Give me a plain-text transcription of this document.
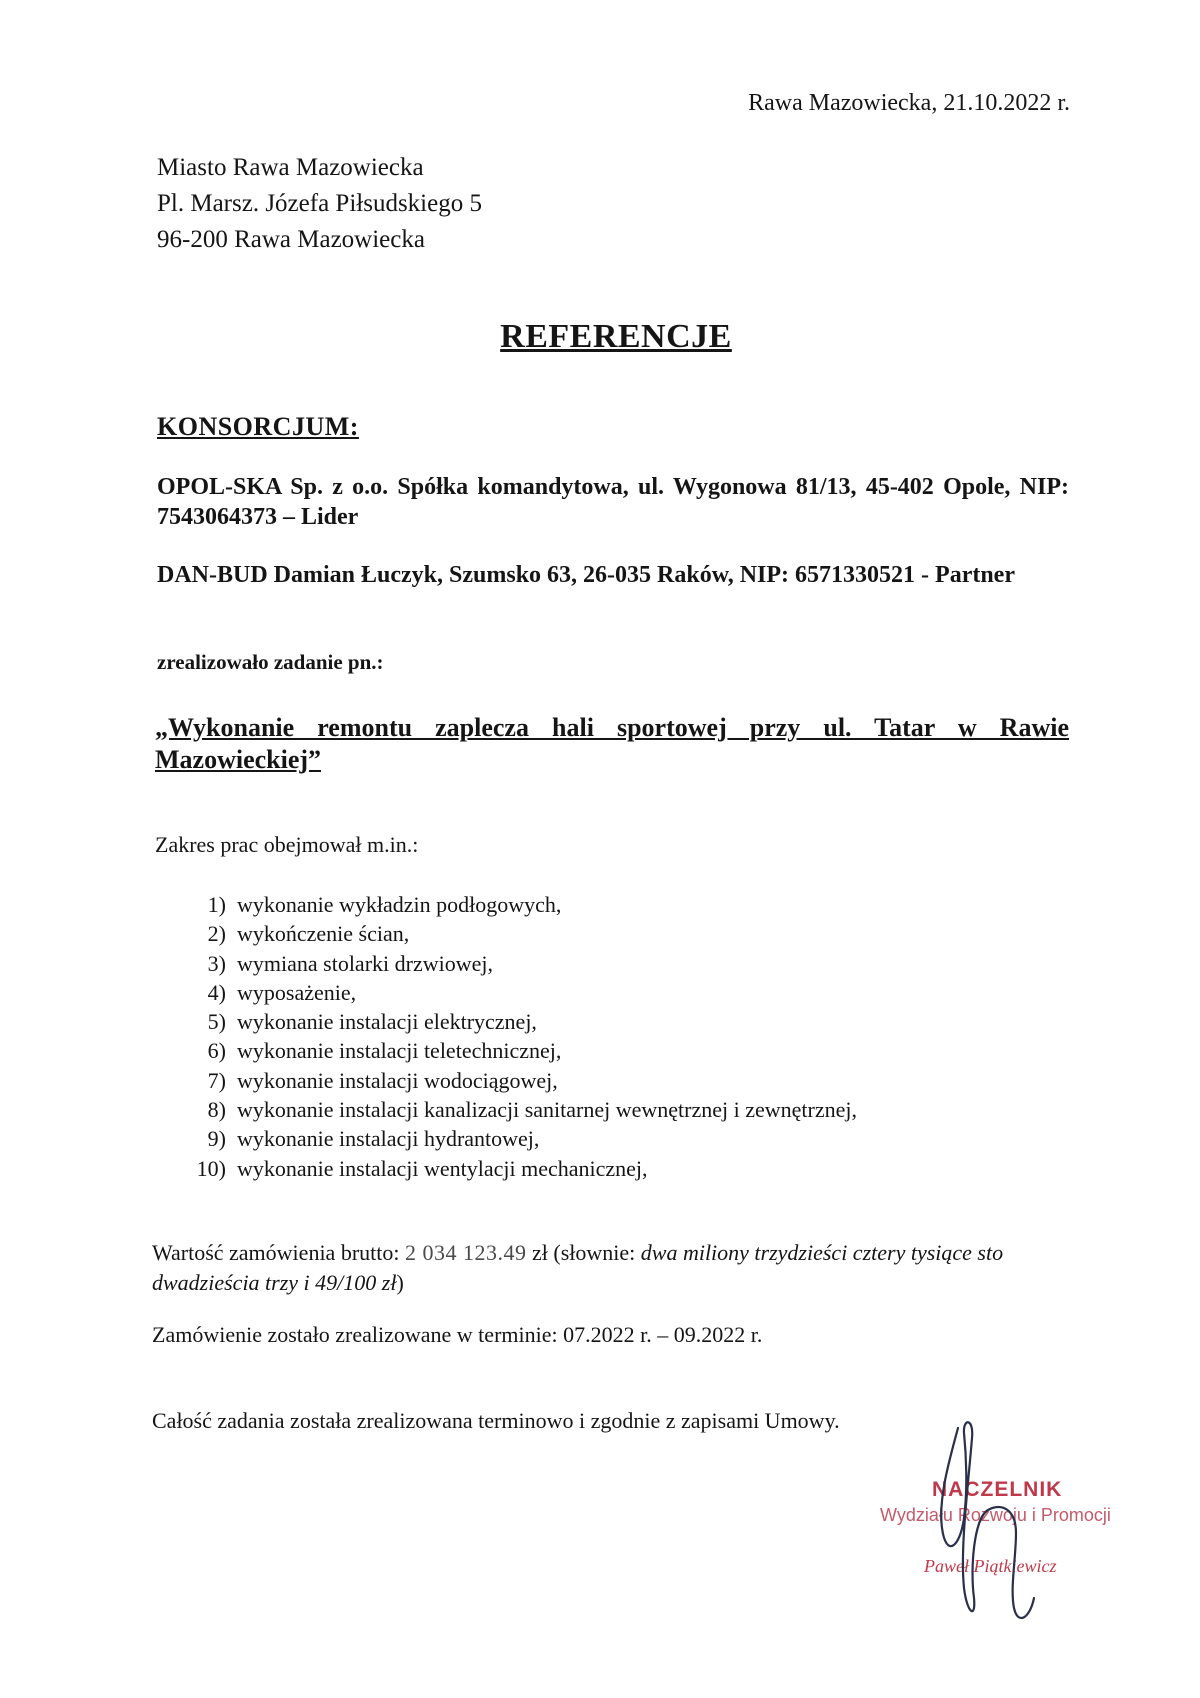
Rawa Mazowiecka, 21.10.2022 r.
Miasto Rawa Mazowiecka
Pl. Marsz. Józefa Piłsudskiego 5
96-200 Rawa Mazowiecka
REFERENCJE
KONSORCJUM:
OPOL-SKA Sp. z o.o. Spółka komandytowa, ul. Wygonowa 81/13, 45-402 Opole, NIP: 7543064373 – Lider
DAN-BUD Damian Łuczyk, Szumsko 63, 26-035 Raków, NIP: 6571330521 - Partner
zrealizowało zadanie pn.:
„Wykonanie remontu zaplecza hali sportowej przy ul. Tatar w Rawie Mazowieckiej”
Zakres prac obejmował m.in.:
1) wykonanie wykładzin podłogowych,
2) wykończenie ścian,
3) wymiana stolarki drzwiowej,
4) wyposażenie,
5) wykonanie instalacji elektrycznej,
6) wykonanie instalacji teletechnicznej,
7) wykonanie instalacji wodociągowej,
8) wykonanie instalacji kanalizacji sanitarnej wewnętrznej i zewnętrznej,
9) wykonanie instalacji hydrantowej,
10) wykonanie instalacji wentylacji mechanicznej,
Wartość zamówienia brutto: 2 034 123.49 zł (słownie: dwa miliony trzydzieści cztery tysiące sto dwadzieścia trzy i 49/100 zł)
Zamówienie zostało zrealizowane w terminie: 07.2022 r. – 09.2022 r.
Całość zadania została zrealizowana terminowo i zgodnie z zapisami Umowy.
NACZELNIK
Wydziału Rozwoju i Promocji
Paweł Piątkiewicz
